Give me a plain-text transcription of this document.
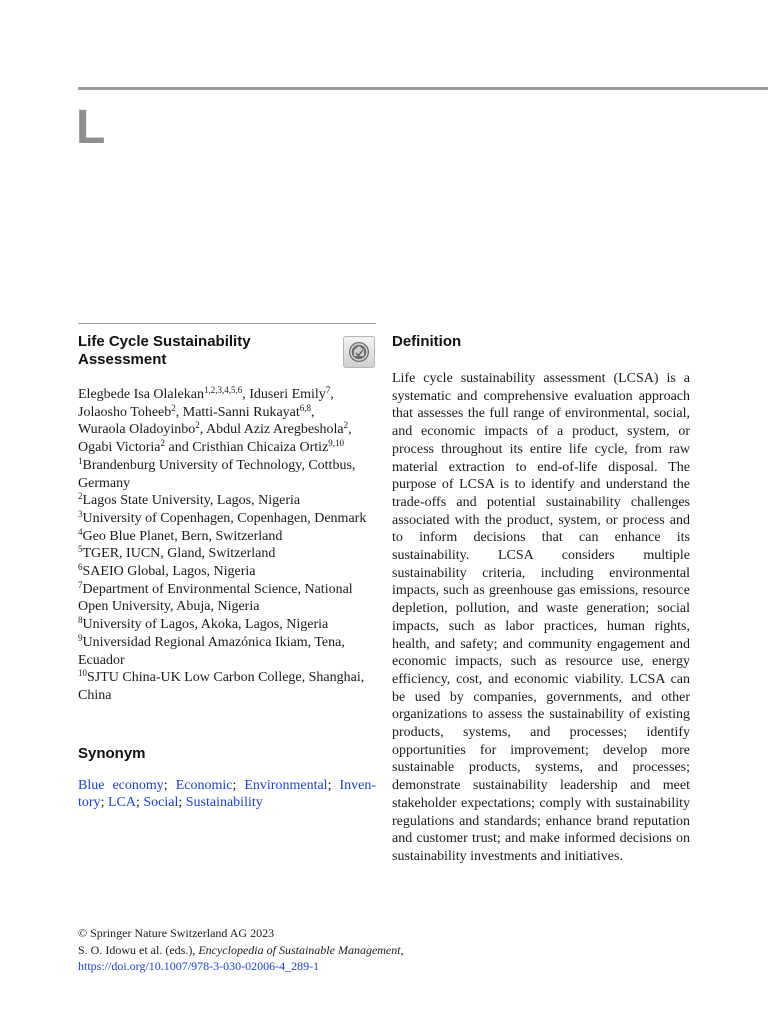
L
Life Cycle Sustainability Assessment
Elegbede Isa Olalekan$^{1,2,3,4,5,6}$, Iduseri Emily$^7$,
Jolaosho Toheeb$^2$, Matti-Sanni Rukayat$^{6,8}$,
Wuraola Oladoyinbo$^2$, Abdul Aziz Aregbeshola$^2$,
Ogabi Victoria$^2$ and Cristhian Chicaiza Ortiz$^{9,10}$
$^1$Brandenburg University of Technology, Cottbus, Germany
$^2$Lagos State University, Lagos, Nigeria
$^3$University of Copenhagen, Copenhagen, Denmark
$^4$Geo Blue Planet, Bern, Switzerland
$^5$TGER, IUCN, Gland, Switzerland
$^6$SAEIO Global, Lagos, Nigeria
$^7$Department of Environmental Science, National Open University, Abuja, Nigeria
$^8$University of Lagos, Akoka, Lagos, Nigeria
$^9$Universidad Regional Amazónica Ikiam, Tena, Ecuador
$^{10}$SJTU China-UK Low Carbon College, Shanghai, China
Synonym
Blue economy; Economic; Environmental; Inventory; LCA; Social; Sustainability
Definition
Life cycle sustainability assessment (LCSA) is a systematic and comprehensive evaluation approach that assesses the full range of environmental, social, and economic impacts of a product, system, or process throughout its entire life cycle, from raw material extraction to end-of-life disposal. The purpose of LCSA is to identify and understand the trade-offs and potential sustainability challenges associated with the product, system, or process and to inform decisions that can enhance its sustainability. LCSA considers multiple sustainability criteria, including environmental impacts, such as greenhouse gas emissions, resource depletion, pollution, and waste generation; social impacts, such as labor practices, human rights, health, and safety; and community engagement and economic impacts, such as resource use, energy efficiency, cost, and economic viability. LCSA can be used by companies, governments, and other organizations to assess the sustainability of existing products, systems, and processes; identify opportunities for improvement; develop more sustainable products, systems, and processes; demonstrate sustainability leadership and meet stakeholder expectations; comply with sustainability regulations and standards; enhance brand reputation and customer trust; and make informed decisions on sustainability investments and initiatives.
© Springer Nature Switzerland AG 2023
S. O. Idowu et al. (eds.), Encyclopedia of Sustainable Management,
https://doi.org/10.1007/978-3-030-02006-4_289-1
